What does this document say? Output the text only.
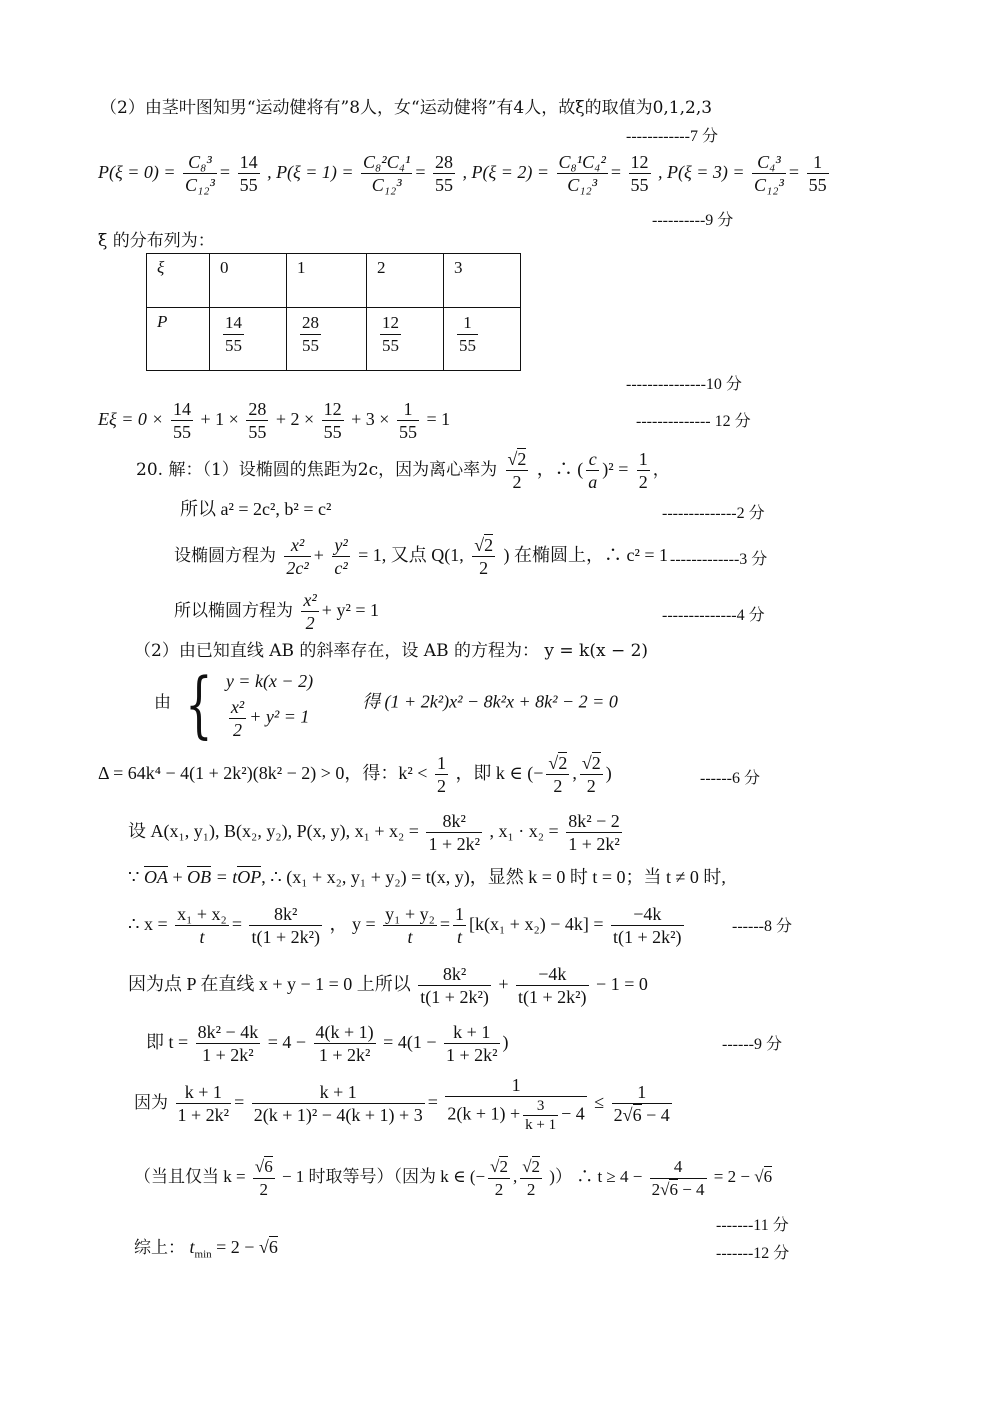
（2）由茎叶图知男“运动健将有”8人，女“运动健将”有4人，故ξ的取值为0,1,2,3
------------7 分
$P(\xi = 0) = \frac{\text{C₈³}}{\text{C₁₂³}} = \frac{14}{55}$ , $P(\xi = 1) = \frac{\text{C₈²C₄¹}}{\text{C₁₂³}} = \frac{28}{55}$ , $P(\xi = 2) = \frac{\text{C₈¹C₄²}}{\text{C₁₂³}} = \frac{12}{55}$ , $P(\xi = 3) = \frac{\text{C₄³}}{\text{C₁₂³}} = \frac{1}{55}$
----------9 分
ξ 的分布列为：
ξ	0	1	2	3
P	$\frac{14}{55}$	$\frac{28}{55}$	$\frac{12}{55}$	$\frac{1}{55}$
---------------10 分
$E\xi = 0 \times \frac{14}{55} + 1 \times \frac{28}{55} + 2 \times \frac{12}{55} + 3 \times \frac{1}{55} = 1$	-------------- 12 分
20. 解：（1）设椭圆的焦距为2c，因为离心率为 $\frac{√2}{2}$ ，∴ ( $\frac{c}{a} )^2 = \frac{1}{2}$ ，
所以 a² = 2c², b² = c²	--------------2 分
设椭圆方程为 $\frac{\text{x²}}{\text{2c²}} + \frac{\text{y²}}{\text{c²}} = 1$, 又点 Q(1, $\frac{√2}{2}$ ) 在椭圆上，∴ c² = 1 -------------3 分
所以椭圆方程为 $\frac{\text{x²}}{2} + y^2 = 1$	--------------4 分
（2）由已知直线 AB 的斜率存在，设 AB 的方程为： y = k(x − 2)
由 { y = k(x − 2)
$\frac{\text{x²}}{2} + y^2 = 1$
得 (1 + 2k²)x² − 8k²x + 8k² − 2 = 0
Δ = 64k⁴ − 4(1 + 2k²)(8k² − 2) > 0，得：$k^2 < \frac{1}{2}$ ，即 k ∈ (− $\frac{√2}{2}$ , $\frac{√2}{2}$ )	------6 分
设 A(x₁, y₁), B(x₂, y₂), P(x, y), $x_1 + x_2 = \frac{\text{8k²}}{\text{1 + 2k²}}$ , $x_1 \cdot x_2 = \frac{\text{8k² − 2}}{\text{1 + 2k²}}$
∵ OA + OB = tOP, ∴ (x₁ + x₂, y₁ + y₂) = t(x, y)，显然 k = 0 时 t = 0；当 t ≠ 0 时,
∴ $x = \frac{\text{x₁ + x₂}}{t} = \frac{\text{8k²}}{\text{t(1 + 2k²)}}$ ， $y = \frac{\text{y₁ + y₂}}{t} = \frac{1}{t} [k(x_1 + x_2) - 4k] = \frac{-4k}{\text{t(1 + 2k²)}}$	------8 分
因为点 P 在直线 x + y − 1 = 0 上所以 $\frac{\text{8k²}}{\text{t(1 + 2k²)}} + \frac{-4k}{\text{t(1 + 2k²)}} - 1 = 0$
即 $t = \frac{\text{8k² − 4k}}{\text{1 + 2k²}} = 4 - \frac{4(k + 1)}{\text{1 + 2k²}} = 4(1 - \frac{k + 1}{\text{1 + 2k²}}$ )	------9 分
因为 $\frac{k + 1}{\text{1 + 2k²}} = \frac{k + 1}{\text{2(k + 1)² − 4(k + 1) + 3}} = \frac{1}{2(k + 1) + \frac{3}{k + 1} - 4} \le \frac{1}{2√6 - 4}$
（当且仅当 $k = \frac{√6}{2} - 1$ 时取等号）（因为 k ∈ (− $\frac{√2}{2}$ , $\frac{√2}{2}$ )） ∴ $t \ge 4 - \frac{4}{2√6 - 4} = 2 - √6$
-------11 分
综上： $t_{min} = 2 - √6$	-------12 分
